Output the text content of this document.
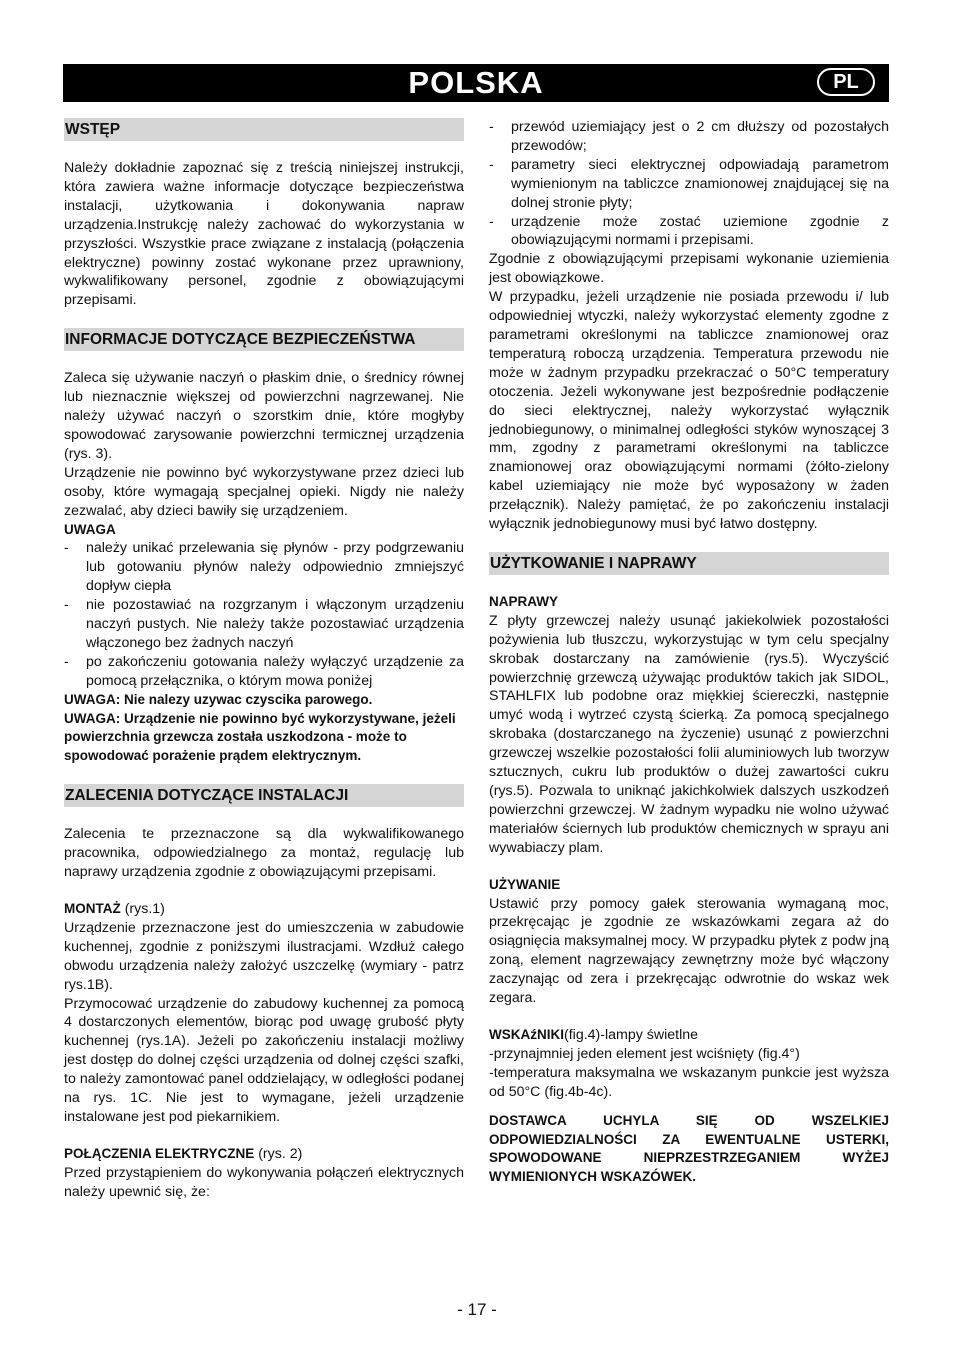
POLSKA	PL
WSTĘP

Należy dokładnie zapoznać się z treścią niniejszej instrukcji, która zawiera ważne informacje dotyczące bezpieczeństwa instalacji, użytkowania i dokonywania napraw urządzenia.Instrukcję należy zachować do wykorzystania w przyszłości. Wszystkie prace związane z instalacją (połączenia elektryczne) powinny zostać wykonane przez uprawniony, wykwalifikowany personel, zgodnie z obowiązującymi przepisami.

INFORMACJE DOTYCZĄCE BEZPIECZEŃSTWA

Zaleca się używanie naczyń o płaskim dnie, o średnicy równej lub nieznacznie większej od powierzchni nagrzewanej. Nie należy używać naczyń o szorstkim dnie, które mogłyby spowodować zarysowanie powierzchni termicznej urządzenia (rys. 3).

Urządzenie nie powinno być wykorzystywane przez dzieci lub osoby, które wymagają specjalnej opieki. Nigdy nie należy zezwalać, aby dzieci bawiły się urządzeniem.

UWAGA
-	należy unikać przelewania się płynów - przy podgrzewaniu lub gotowaniu płynów należy odpowiednio zmniejszyć dopływ ciepła
-	nie pozostawiać na rozgrzanym i włączonym urządzeniu naczyń pustych. Nie należy także pozostawiać urządzenia włączonego bez żadnych naczyń
-	po zakończeniu gotowania należy wyłączyć urządzenie za pomocą przełącznika, o którym mowa poniżej
UWAGA: Nie nalezy uzywac czyscika parowego.
UWAGA: Urządzenie nie powinno być wykorzystywane, jeżeli powierzchnia grzewcza została uszkodzona - może to spowodować porażenie prądem elektrycznym.
ZALECENIA DOTYCZĄCE INSTALACJI

Zalecenia te przeznaczone są dla wykwalifikowanego pracownika, odpowiedzialnego za montaż, regulację lub naprawy urządzenia zgodnie z obowiązującymi przepisami.

MONTAŻ (rys.1)

Urządzenie przeznaczone jest do umieszczenia w zabudowie kuchennej, zgodnie z poniższymi ilustracjami. Wzdłuż całego obwodu urządzenia należy założyć uszczelkę (wymiary - patrz rys.1B).

Przymocować urządzenie do zabudowy kuchennej za pomocą 4 dostarczonych elementów, biorąc pod uwagę grubość płyty kuchennej (rys.1A). Jeżeli po zakończeniu instalacji możliwy jest dostęp do dolnej części urządzenia od dolnej części szafki, to należy zamontować panel oddzielający, w odległości podanej na rys. 1C. Nie jest to wymagane, jeżeli urządzenie instalowane jest pod piekarnikiem.

POŁĄCZENIA ELEKTRYCZNE (rys. 2)

Przed przystąpieniem do wykonywania połączeń elektrycznych należy upewnić się, że:

-	przewód uziemiający jest o 2 cm dłuższy od pozostałych przewodów;
-	parametry sieci elektrycznej odpowiadają parametrom wymienionym na tabliczce znamionowej znajdującej się na dolnej stronie płyty;
-	urządzenie może zostać uziemione zgodnie z obowiązującymi normami i przepisami.

Zgodnie z obowiązującymi przepisami wykonanie uziemienia jest obowiązkowe.

W przypadku, jeżeli urządzenie nie posiada przewodu i/ lub odpowiedniej wtyczki, należy wykorzystać elementy zgodne z parametrami określonymi na tabliczce znamionowej oraz temperaturą roboczą urządzenia. Temperatura przewodu nie może w żadnym przypadku przekraczać o 50°C temperatury otoczenia. Jeżeli wykonywane jest bezpośrednie podłączenie do sieci elektrycznej, należy wykorzystać wyłącznik jednobiegunowy, o minimalnej odległości styków wynoszącej 3 mm, zgodny z parametrami określonymi na tabliczce znamionowej oraz obowiązującymi normami (żółto-zielony kabel uziemiający nie może być wyposażony w żaden przełącznik). Należy pamiętać, że po zakończeniu instalacji wyłącznik jednobiegunowy musi być łatwo dostępny.

UŻYTKOWANIE I NAPRAWY
NAPRAWY

Z płyty grzewczej należy usunąć jakiekolwiek pozostałości pożywienia lub tłuszczu, wykorzystując w tym celu specjalny skrobak dostarczany na zamówienie (rys.5). Wyczyścić powierzchnię grzewczą używając produktów takich jak SIDOL, STAHLFIX lub podobne oraz miękkiej ściereczki, następnie umyć wodą i wytrzeć czystą ścierką. Za pomocą specjalnego skrobaka (dostarczanego na życzenie) usunąć z powierzchni grzewczej wszelkie pozostałości folii aluminiowych lub tworzyw sztucznych, cukru lub produktów o dużej zawartości cukru (rys.5). Pozwala to uniknąć jakichkolwiek dalszych uszkodzeń powierzchni grzewczej. W żadnym wypadku nie wolno używać materiałów ściernych lub produktów chemicznych w sprayu ani wywabiaczy plam.

UŻYWANIE

Ustawić przy pomocy gałek sterowania wymaganą moc, przekręcając je zgodnie ze wskazówkami zegara aż do osiągnięcia maksymalnej mocy. W przypadku płytek z podw jną zoną, element nagrzewający zewnętrzny może być włączony zaczynając od zera i przekręcając odwrotnie do wskaz wek zegara.

WSKAźNIKI(fig.4)-lampy świetlne
-przynajmniej jeden element jest wciśnięty (fig.4°)

-temperatura maksymalna we wskazanym punkcie jest wyższa od 50°C (fig.4b-4c).

DOSTAWCA UCHYLA SIĘ OD WSZELKIEJ ODPOWIEDZIALNOŚCI ZA EWENTUALNE USTERKI, SPOWODOWANE NIEPRZESTRZEGANIEM WYŻEJ WYMIENIONYCH WSKAZÓWEK.

- 17 -
